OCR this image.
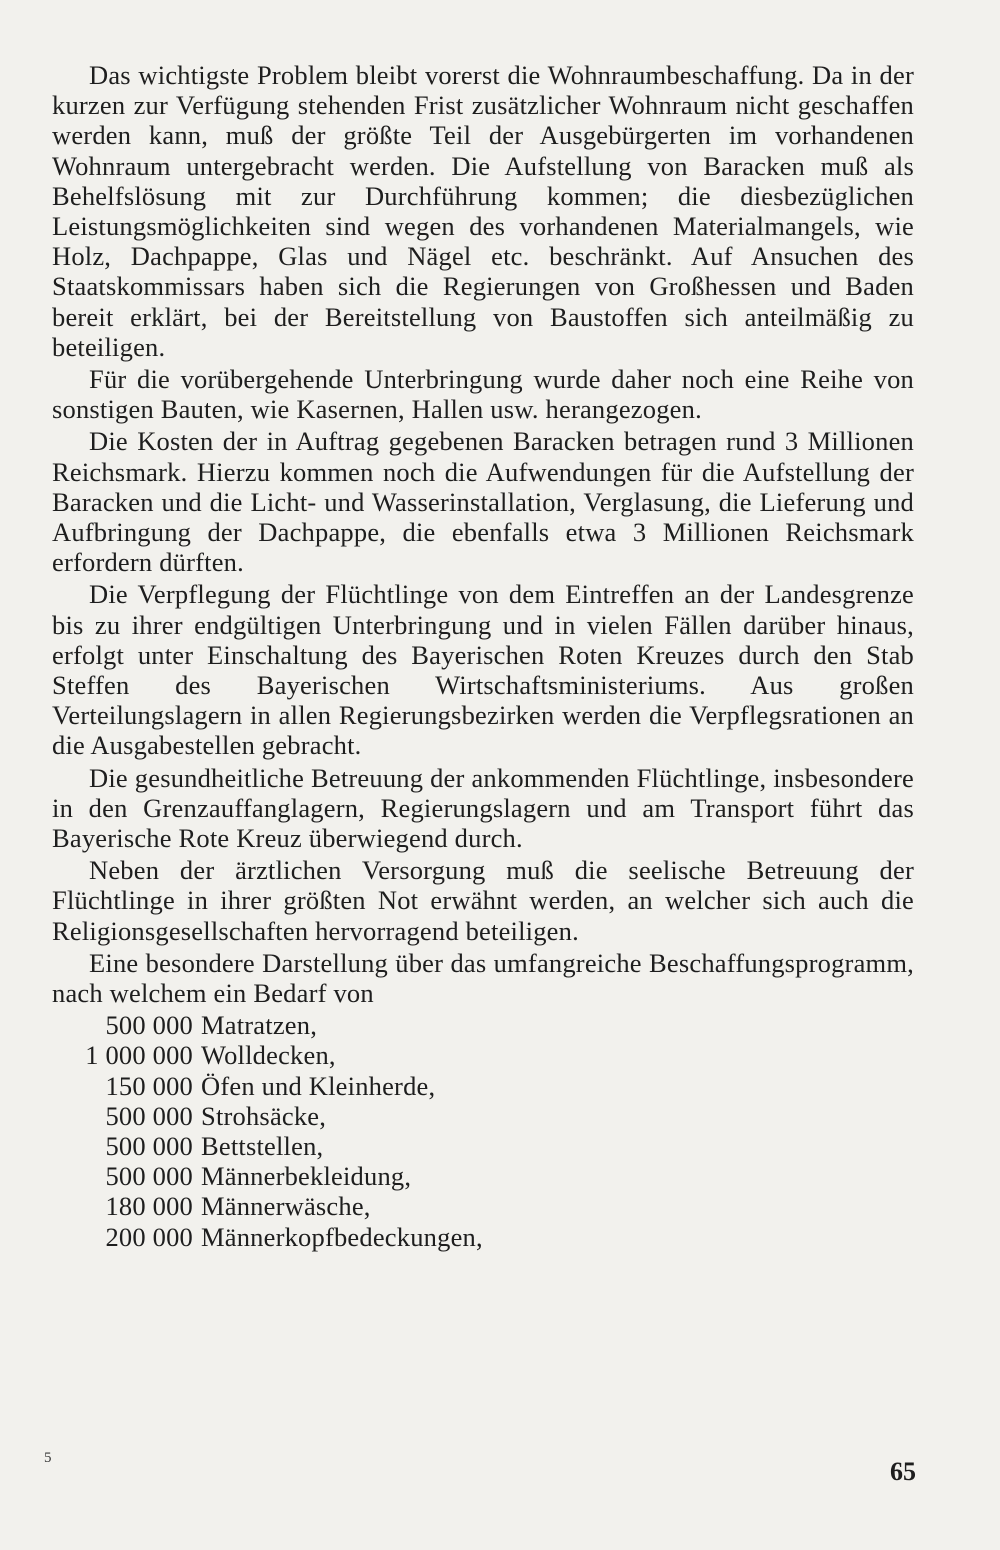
Das wichtigste Problem bleibt vorerst die Wohnraumbeschaffung. Da in der kurzen zur Verfügung stehenden Frist zusätzlicher Wohnraum nicht geschaffen werden kann, muß der größte Teil der Ausgebürgerten im vorhandenen Wohnraum untergebracht werden. Die Aufstellung von Baracken muß als Behelfslösung mit zur Durchführung kommen; die diesbezüglichen Leistungsmöglichkeiten sind wegen des vorhandenen Materialmangels, wie Holz, Dachpappe, Glas und Nägel etc. beschränkt. Auf Ansuchen des Staatskommissars haben sich die Regierungen von Großhessen und Baden bereit erklärt, bei der Bereitstellung von Baustoffen sich anteilmäßig zu beteiligen.

Für die vorübergehende Unterbringung wurde daher noch eine Reihe von sonstigen Bauten, wie Kasernen, Hallen usw. herangezogen.

Die Kosten der in Auftrag gegebenen Baracken betragen rund 3 Millionen Reichsmark. Hierzu kommen noch die Aufwendungen für die Aufstellung der Baracken und die Licht- und Wasserinstallation, Verglasung, die Lieferung und Aufbringung der Dachpappe, die ebenfalls etwa 3 Millionen Reichsmark erfordern dürften.

Die Verpflegung der Flüchtlinge von dem Eintreffen an der Landesgrenze bis zu ihrer endgültigen Unterbringung und in vielen Fällen darüber hinaus, erfolgt unter Einschaltung des Bayerischen Roten Kreuzes durch den Stab Steffen des Bayerischen Wirtschaftsministeriums. Aus großen Verteilungslagern in allen Regierungsbezirken werden die Verpflegsrationen an die Ausgabestellen gebracht.

Die gesundheitliche Betreuung der ankommenden Flüchtlinge, insbesondere in den Grenzauffanglagern, Regierungslagern und am Transport führt das Bayerische Rote Kreuz überwiegend durch.

Neben der ärztlichen Versorgung muß die seelische Betreuung der Flüchtlinge in ihrer größten Not erwähnt werden, an welcher sich auch die Religionsgesellschaften hervorragend beteiligen.

Eine besondere Darstellung über das umfangreiche Beschaffungsprogramm, nach welchem ein Bedarf von

500 000 Matratzen,
1 000 000 Wolldecken,
150 000 Öfen und Kleinherde,
500 000 Strohsäcke,
500 000 Bettstellen,
500 000 Männerbekleidung,
180 000 Männerwäsche,
200 000 Männerkopfbedeckungen,
5	65
